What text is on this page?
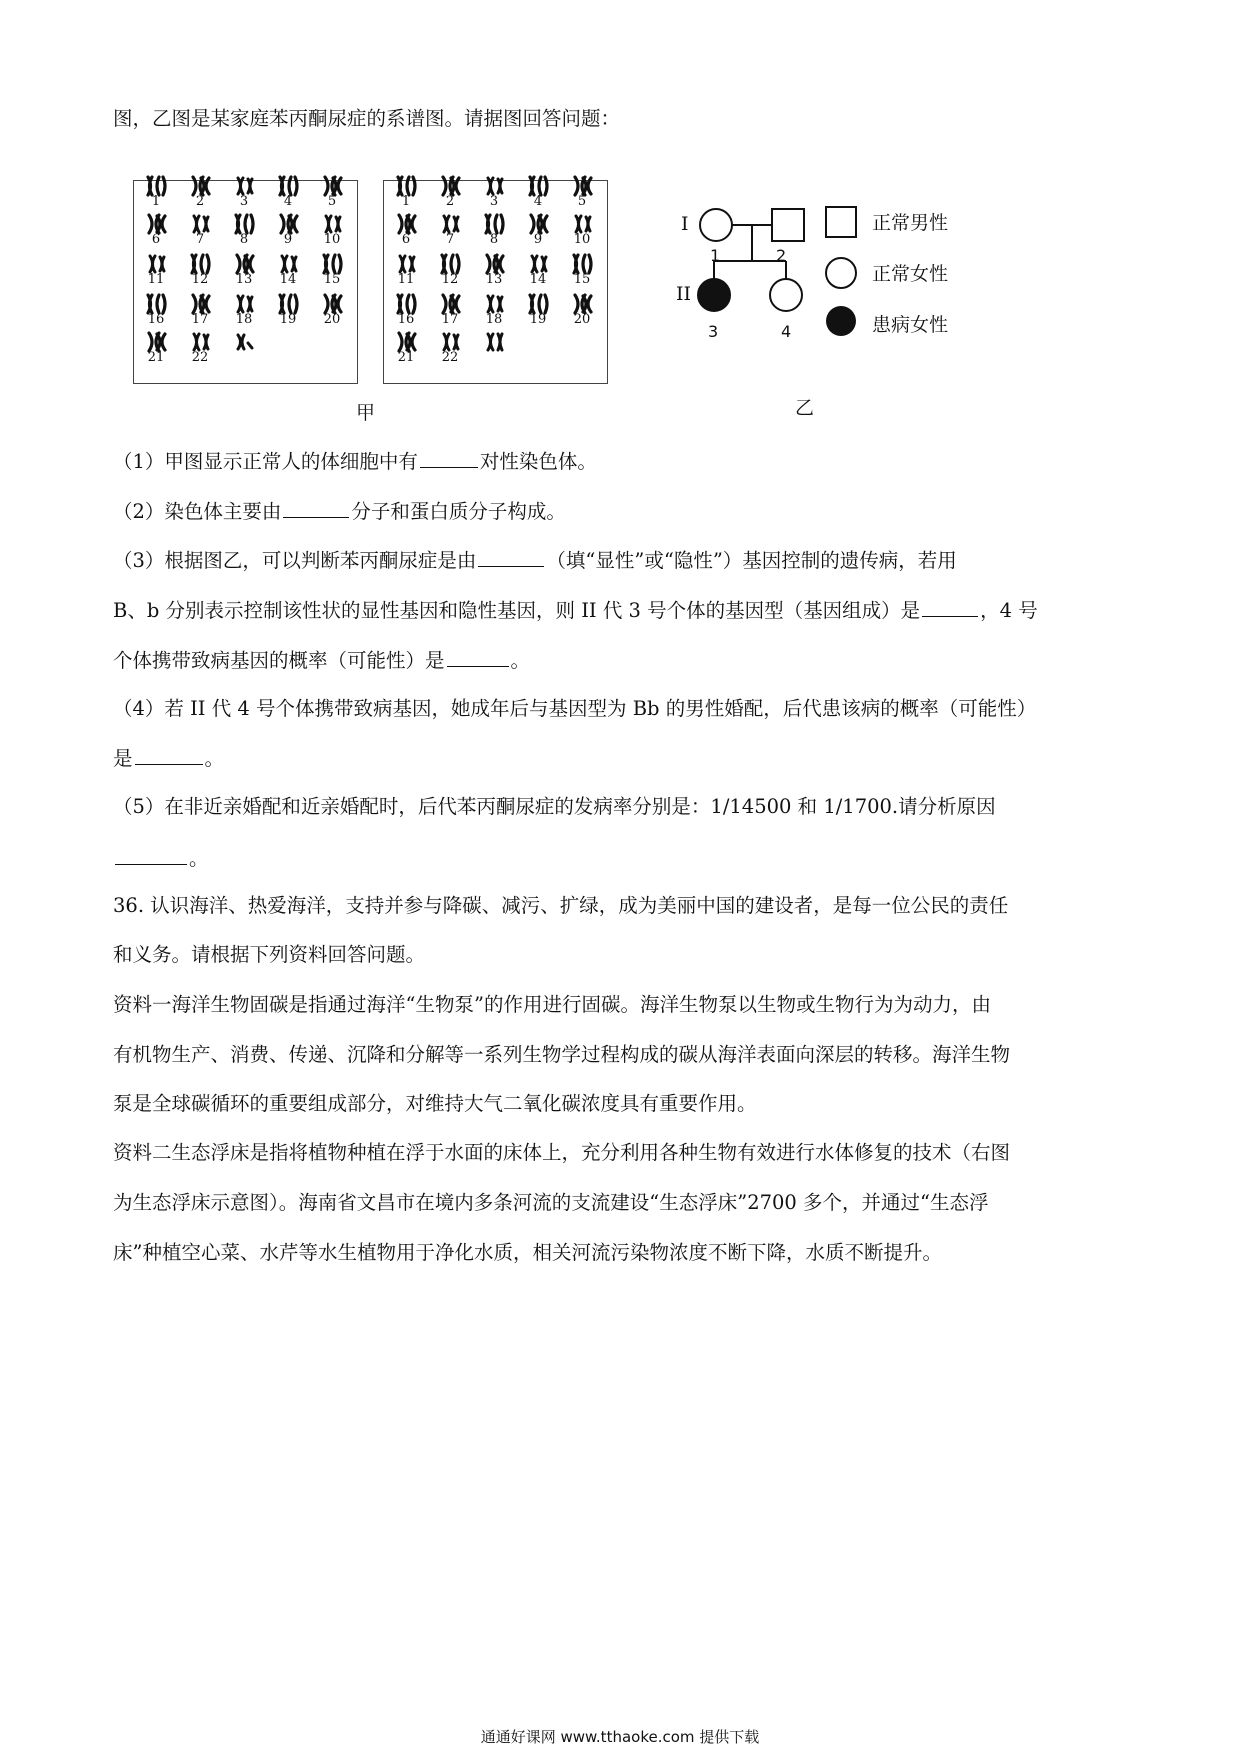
图，乙图是某家庭苯丙酮尿症的系谱图。请据图回答问题：
1	2	3	4	5
6	7	8	9	10
11	12	13	14	15
16	17	18	19	20
21	22
1	2	3	4	5
6	7	8	9	10
11	12	13	14	15
16	17	18	19	20
21	22
甲
I
II
1	2
3	4
正常男性
正常女性
患病女性
乙
（1）甲图显示正常人的体细胞中有	对性染色体。
（2）染色体主要由	分子和蛋白质分子构成。
（3）根据图乙，可以判断苯丙酮尿症是由	（填“显性”或“隐性”）基因控制的遗传病，若用
B、b 分别表示控制该性状的显性基因和隐性基因，则 II 代 3 号个体的基因型（基因组成）是	，4 号
个体携带致病基因的概率（可能性）是	。
（4）若 II 代 4 号个体携带致病基因，她成年后与基因型为 Bb 的男性婚配，后代患该病的概率（可能性）
是	。
（5）在非近亲婚配和近亲婚配时，后代苯丙酮尿症的发病率分别是：1/14500 和 1/1700.请分析原因
。
36. 认识海洋、热爱海洋，支持并参与降碳、减污、扩绿，成为美丽中国的建设者，是每一位公民的责任
和义务。请根据下列资料回答问题。
资料一海洋生物固碳是指通过海洋“生物泵”的作用进行固碳。海洋生物泵以生物或生物行为为动力，由
有机物生产、消费、传递、沉降和分解等一系列生物学过程构成的碳从海洋表面向深层的转移。海洋生物
泵是全球碳循环的重要组成部分，对维持大气二氧化碳浓度具有重要作用。
资料二生态浮床是指将植物种植在浮于水面的床体上，充分利用各种生物有效进行水体修复的技术（右图
为生态浮床示意图）。海南省文昌市在境内多条河流的支流建设“生态浮床”2700 多个，并通过“生态浮
床”种植空心菜、水芹等水生植物用于净化水质，相关河流污染物浓度不断下降，水质不断提升。
通通好课网 www.tthaoke.com 提供下载
